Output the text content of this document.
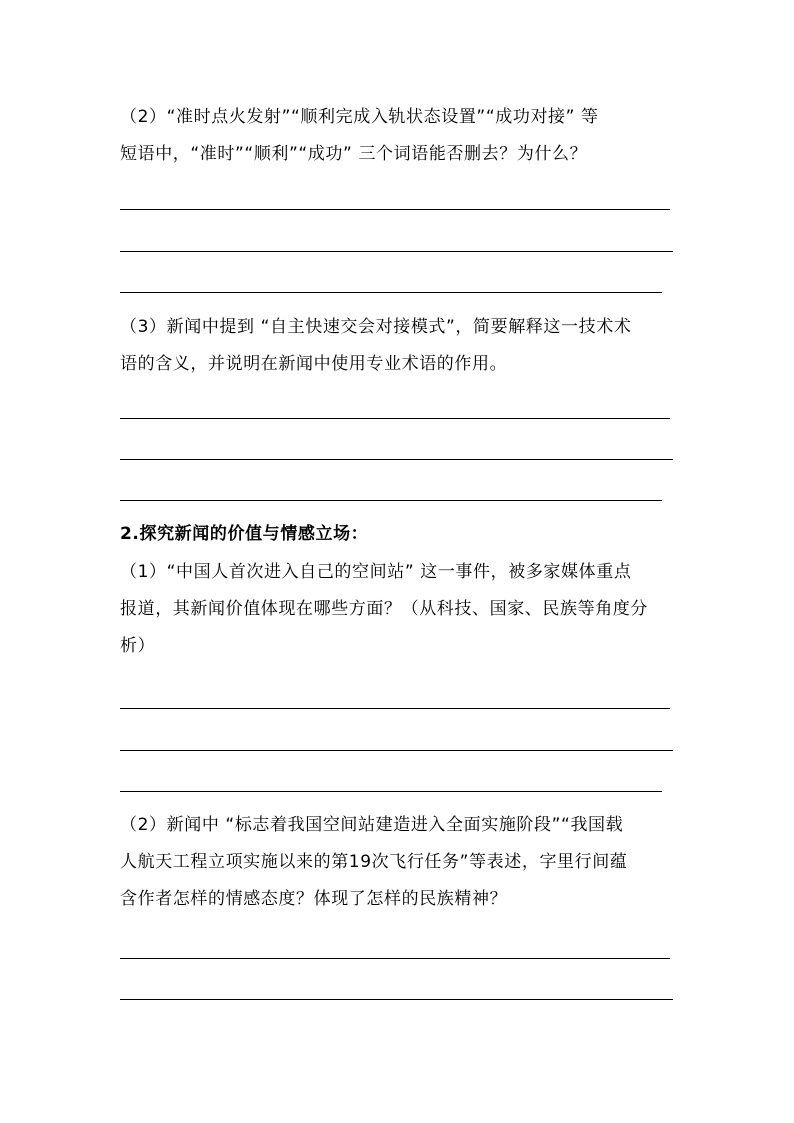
（2）“准时点火发射”“顺利完成入轨状态设置”“成功对接” 等
短语中，“准时”“顺利”“成功” 三个词语能否删去？为什么？

（3）新闻中提到 “自主快速交会对接模式”，简要解释这一技术术
语的含义，并说明在新闻中使用专业术语的作用。

2.探究新闻的价值与情感立场：

（1）“中国人首次进入自己的空间站” 这一事件，被多家媒体重点
报道，其新闻价值体现在哪些方面？（从科技、国家、民族等角度分
析）

（2）新闻中 “标志着我国空间站建造进入全面实施阶段”“我国载
人航天工程立项实施以来的第19次飞行任务”等表述，字里行间蕴
含作者怎样的情感态度？体现了怎样的民族精神？
